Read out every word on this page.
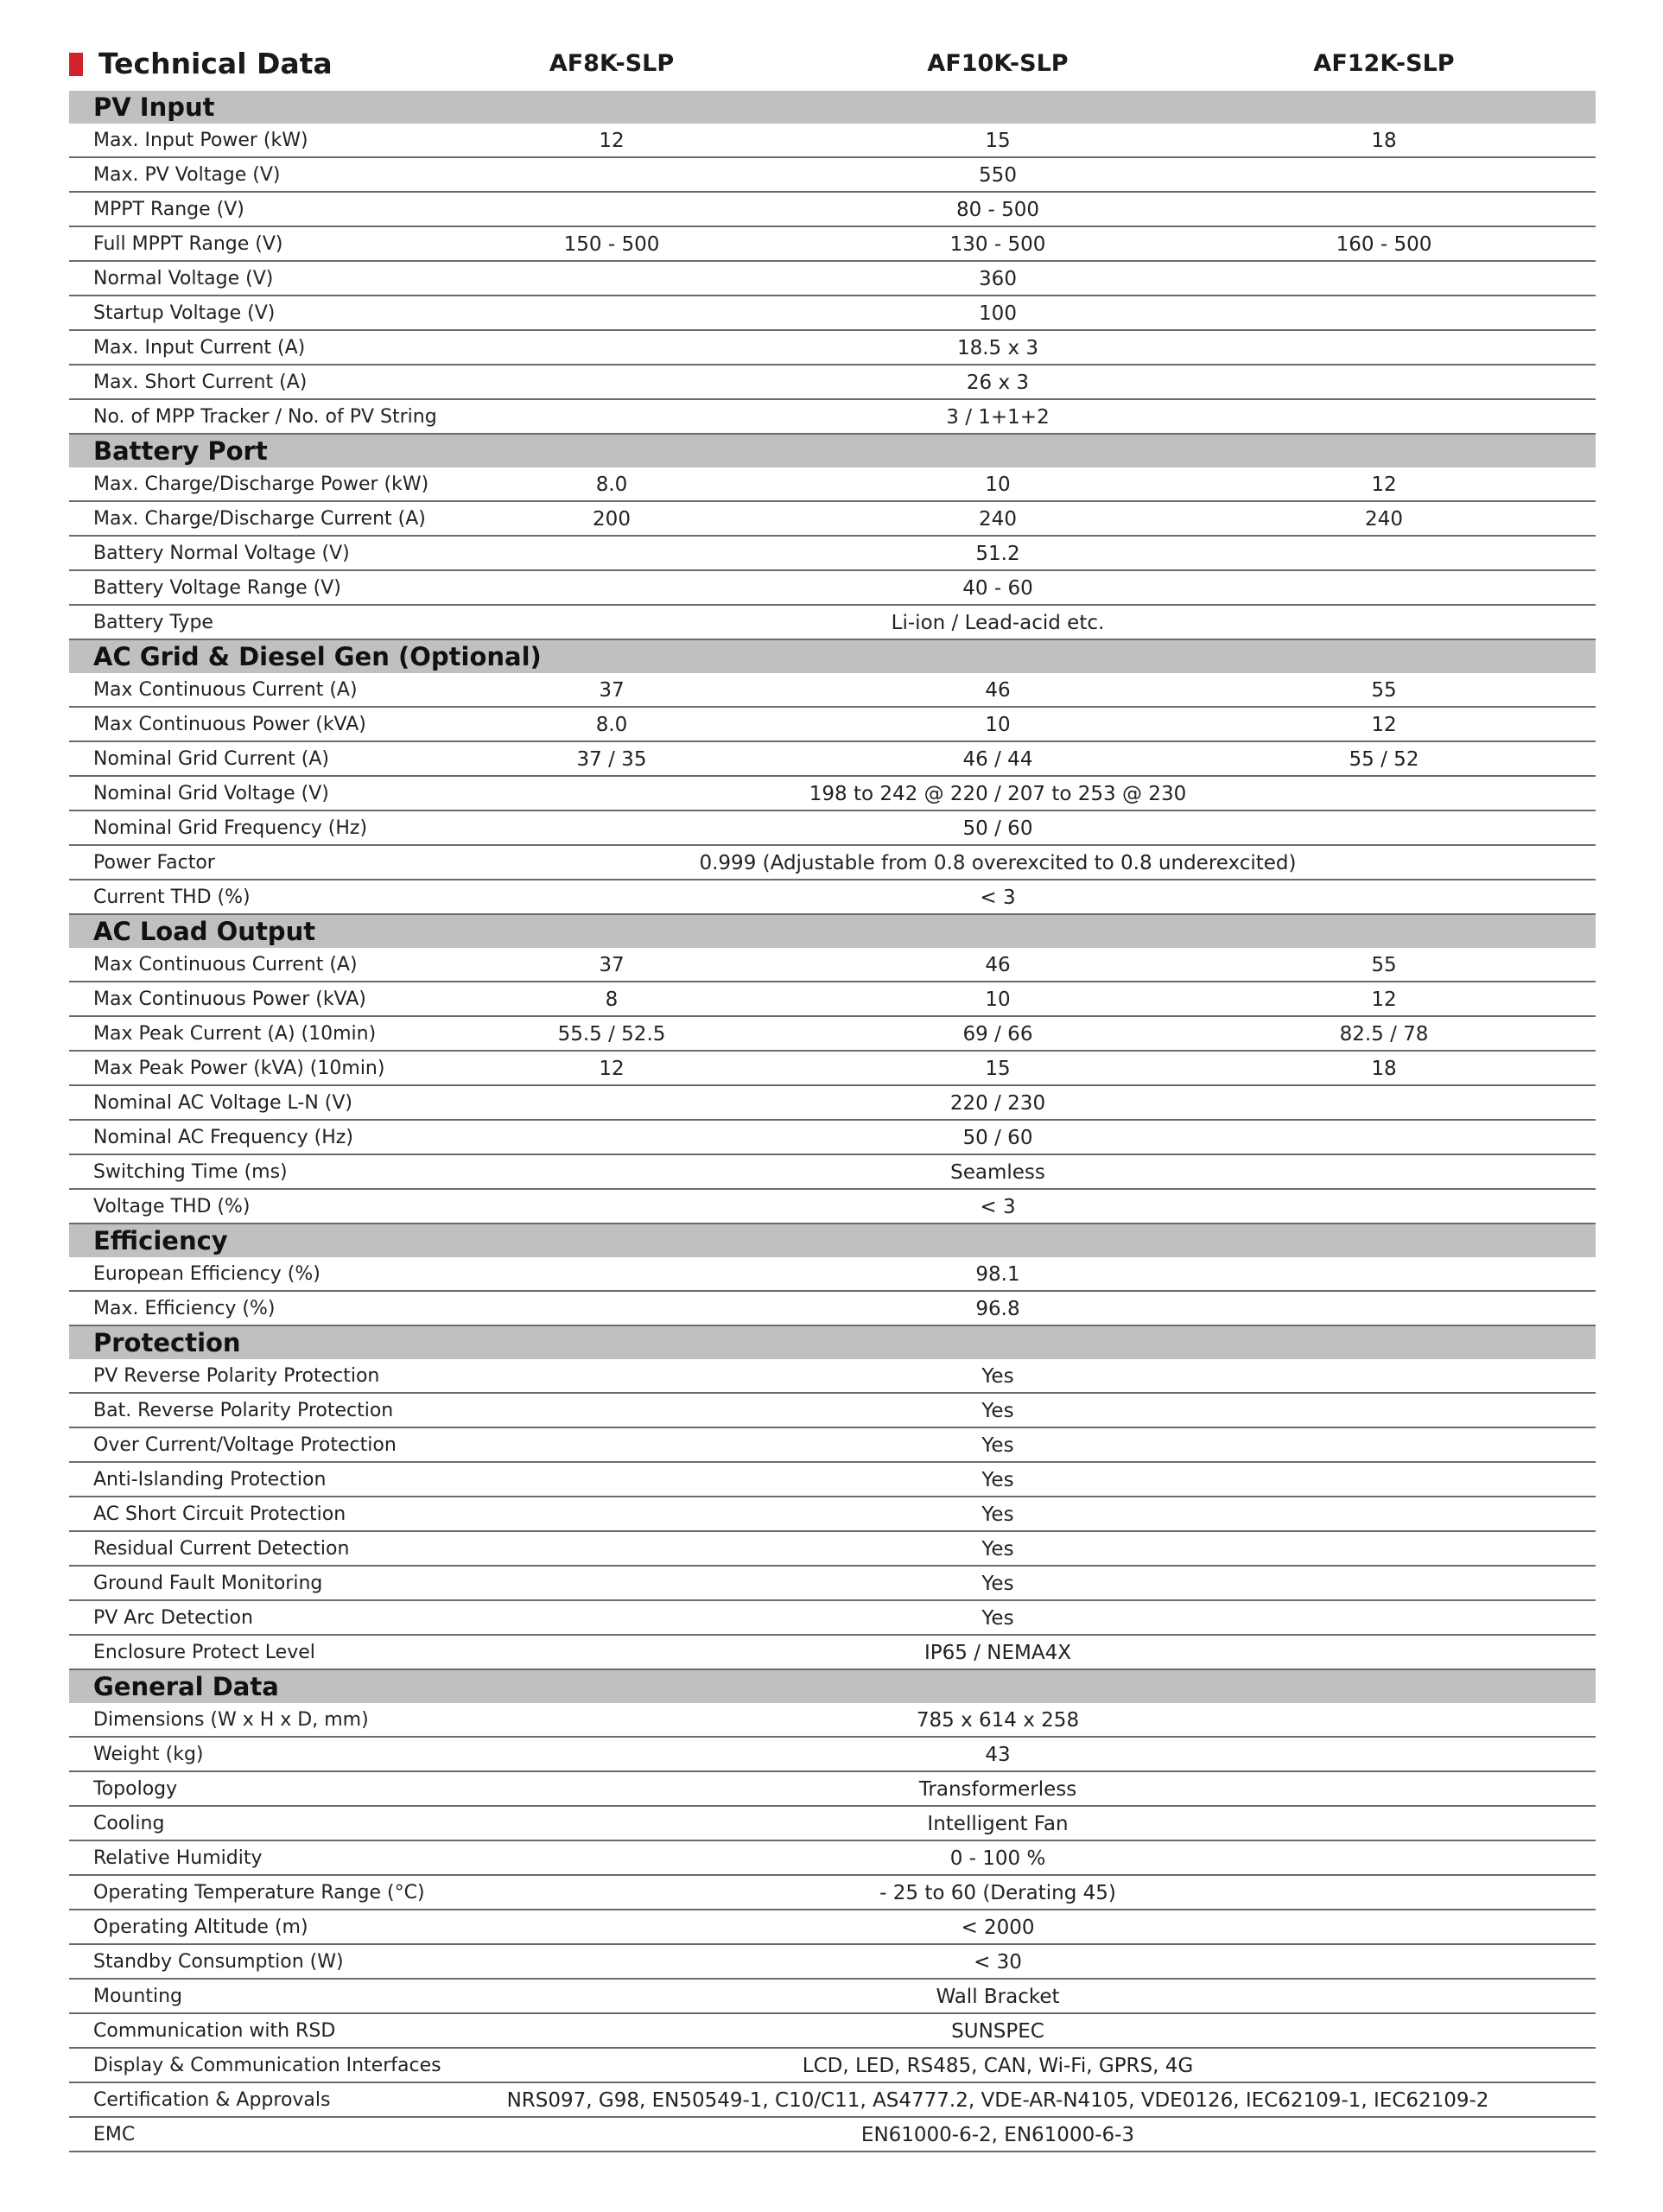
Technical Data	AF8K-SLP	AF10K-SLP	AF12K-SLP
PV Input
Max. Input Power (kW)	12	15	18
Max. PV Voltage (V)	550
MPPT Range (V)	80 - 500
Full MPPT Range (V)	150 - 500	130 - 500	160 - 500
Normal Voltage (V)	360
Startup Voltage (V)	100
Max. Input Current (A)	18.5 x 3
Max. Short Current (A)	26 x 3
No. of MPP Tracker / No. of PV String	3 / 1+1+2
Battery Port
Max. Charge/Discharge Power (kW)	8.0	10	12
Max. Charge/Discharge Current (A)	200	240	240
Battery Normal Voltage (V)	51.2
Battery Voltage Range (V)	40 - 60
Battery Type	Li-ion / Lead-acid etc.
AC Grid & Diesel Gen (Optional)
Max Continuous Current (A)	37	46	55
Max Continuous Power (kVA)	8.0	10	12
Nominal Grid Current (A)	37 / 35	46 / 44	55 / 52
Nominal Grid Voltage (V)	198 to 242 @ 220 / 207 to 253 @ 230
Nominal Grid Frequency (Hz)	50 / 60
Power Factor	0.999 (Adjustable from 0.8 overexcited to 0.8 underexcited)
Current THD (%)	< 3
AC Load Output
Max Continuous Current (A)	37	46	55
Max Continuous Power (kVA)	8	10	12
Max Peak Current (A) (10min)	55.5 / 52.5	69 / 66	82.5 / 78
Max Peak Power (kVA) (10min)	12	15	18
Nominal AC Voltage L-N (V)	220 / 230
Nominal AC Frequency (Hz)	50 / 60
Switching Time (ms)	Seamless
Voltage THD (%)	< 3
Efficiency
European Efficiency (%)	98.1
Max. Efficiency (%)	96.8
Protection
PV Reverse Polarity Protection	Yes
Bat. Reverse Polarity Protection	Yes
Over Current/Voltage Protection	Yes
Anti-Islanding Protection	Yes
AC Short Circuit Protection	Yes
Residual Current Detection	Yes
Ground Fault Monitoring	Yes
PV Arc Detection	Yes
Enclosure Protect Level	IP65 / NEMA4X
General Data
Dimensions (W x H x D, mm)	785 x 614 x 258
Weight (kg)	43
Topology	Transformerless
Cooling	Intelligent Fan
Relative Humidity	0 - 100 %
Operating Temperature Range (°C)	- 25 to 60 (Derating 45)
Operating Altitude (m)	< 2000
Standby Consumption (W)	< 30
Mounting	Wall Bracket
Communication with RSD	SUNSPEC
Display & Communication Interfaces	LCD, LED, RS485, CAN, Wi-Fi, GPRS, 4G
Certification & Approvals	NRS097, G98, EN50549-1, C10/C11, AS4777.2, VDE-AR-N4105, VDE0126, IEC62109-1, IEC62109-2
EMC	EN61000-6-2, EN61000-6-3
